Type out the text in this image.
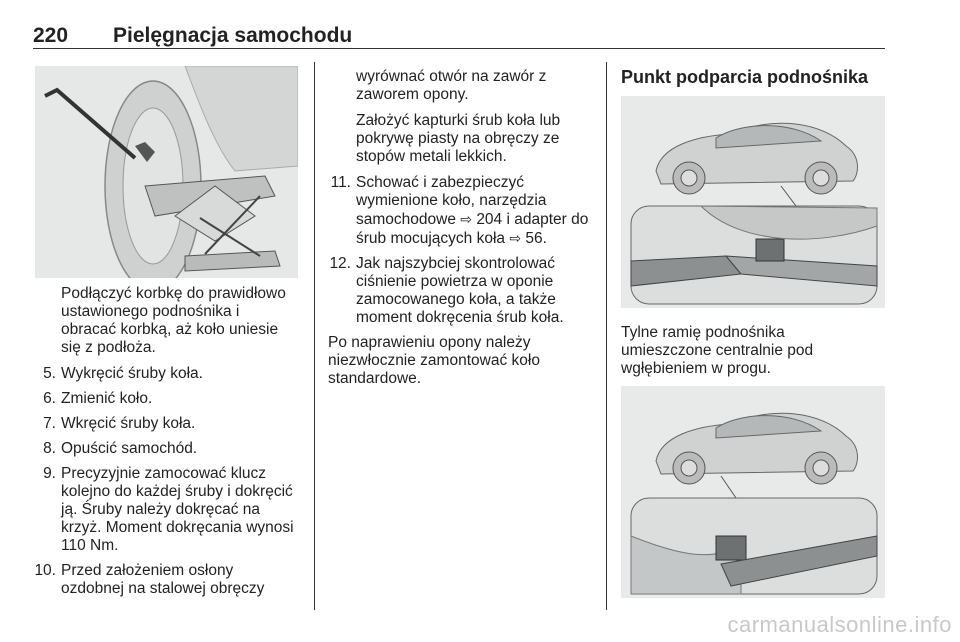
220 Pielęgnacja samochodu
Podłączyć korbkę do prawidłowo
ustawionego podnośnika i
obracać korbką, aż koło uniesie
się z podłoża.
5. Wykręcić śruby koła.
6. Zmienić koło.
7. Wkręcić śruby koła.
8. Opuścić samochód.
9. Precyzyjnie zamocować klucz
kolejno do każdej śruby i dokręcić
ją. Śruby należy dokręcać na
krzyż. Moment dokręcania wynosi
110 Nm.
10. Przed założeniem osłony
ozdobnej na stalowej obręczy
wyrównać otwór na zawór z
zaworem opony.
Założyć kapturki śrub koła lub
pokrywę piasty na obręczy ze
stopów metali lekkich.
11. Schować i zabezpieczyć
wymienione koło, narzędzia
samochodowe ⇨ 204 i adapter do
śrub mocujących koła ⇨ 56.
12. Jak najszybciej skontrolować
ciśnienie powietrza w oponie
zamocowanego koła, a także
moment dokręcenia śrub koła.
Po naprawieniu opony należy
niezwłocznie zamontować koło
standardowe.
Punkt podparcia podnośnika
Tylne ramię podnośnika
umieszczone centralnie pod
wgłębieniem w progu.
carmanualsonline.info
